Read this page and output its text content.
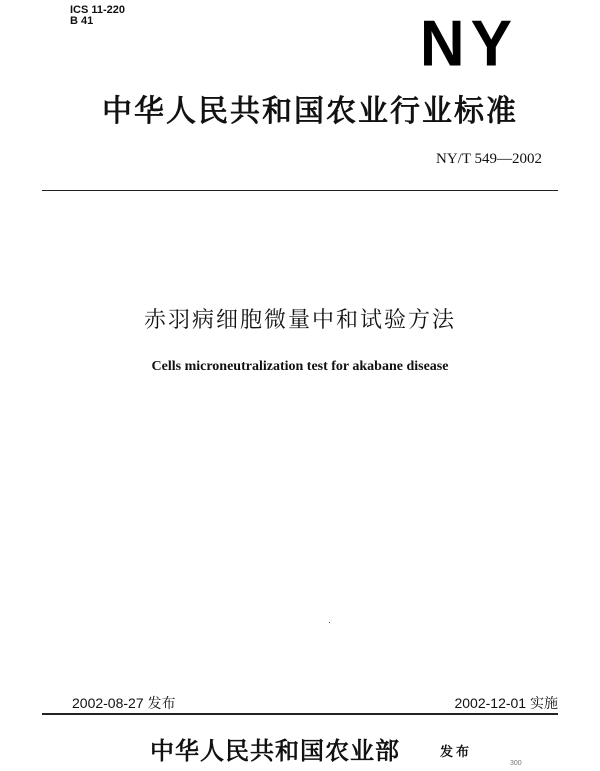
ICS 11-220
B 41	NY
中华人民共和国农业行业标准
NY/T 549—2002
赤羽病细胞微量中和试验方法
Cells microneutralization test for akabane disease
2002-08-27 发布	2002-12-01 实施
中华人民共和国农业部	发布
300
